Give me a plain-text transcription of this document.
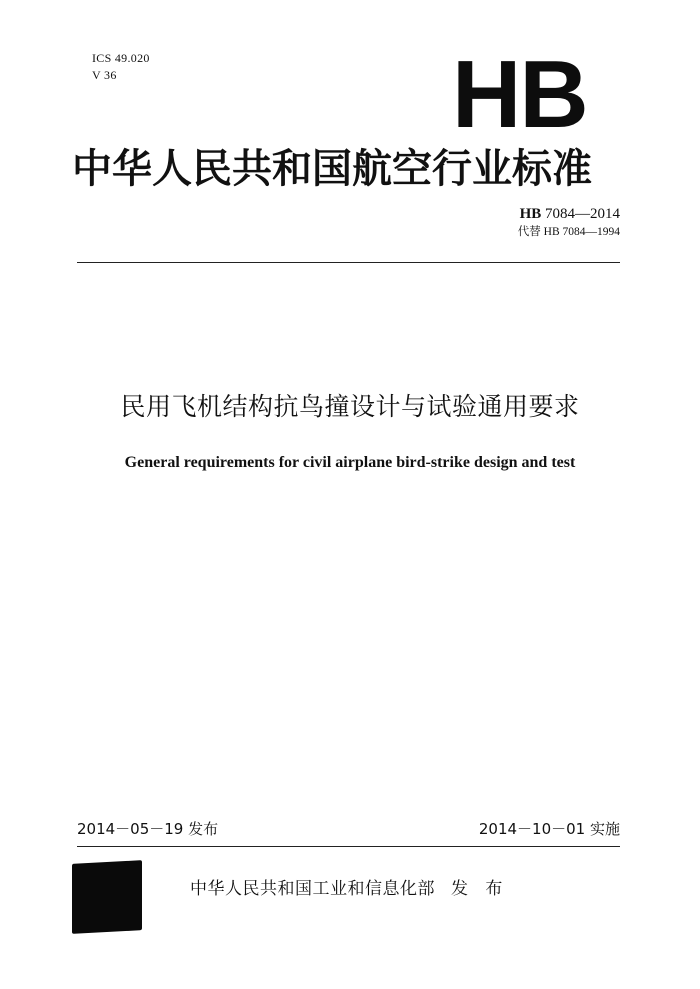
ICS 49.020
V 36	HB
中华人民共和国航空行业标准
HB 7084—2014
代替 HB 7084—1994
民用飞机结构抗鸟撞设计与试验通用要求
General requirements for civil airplane bird-strike design and test
2014－05－19 发布	2014－10－01 实施
中华人民共和国工业和信息化部 发 布
